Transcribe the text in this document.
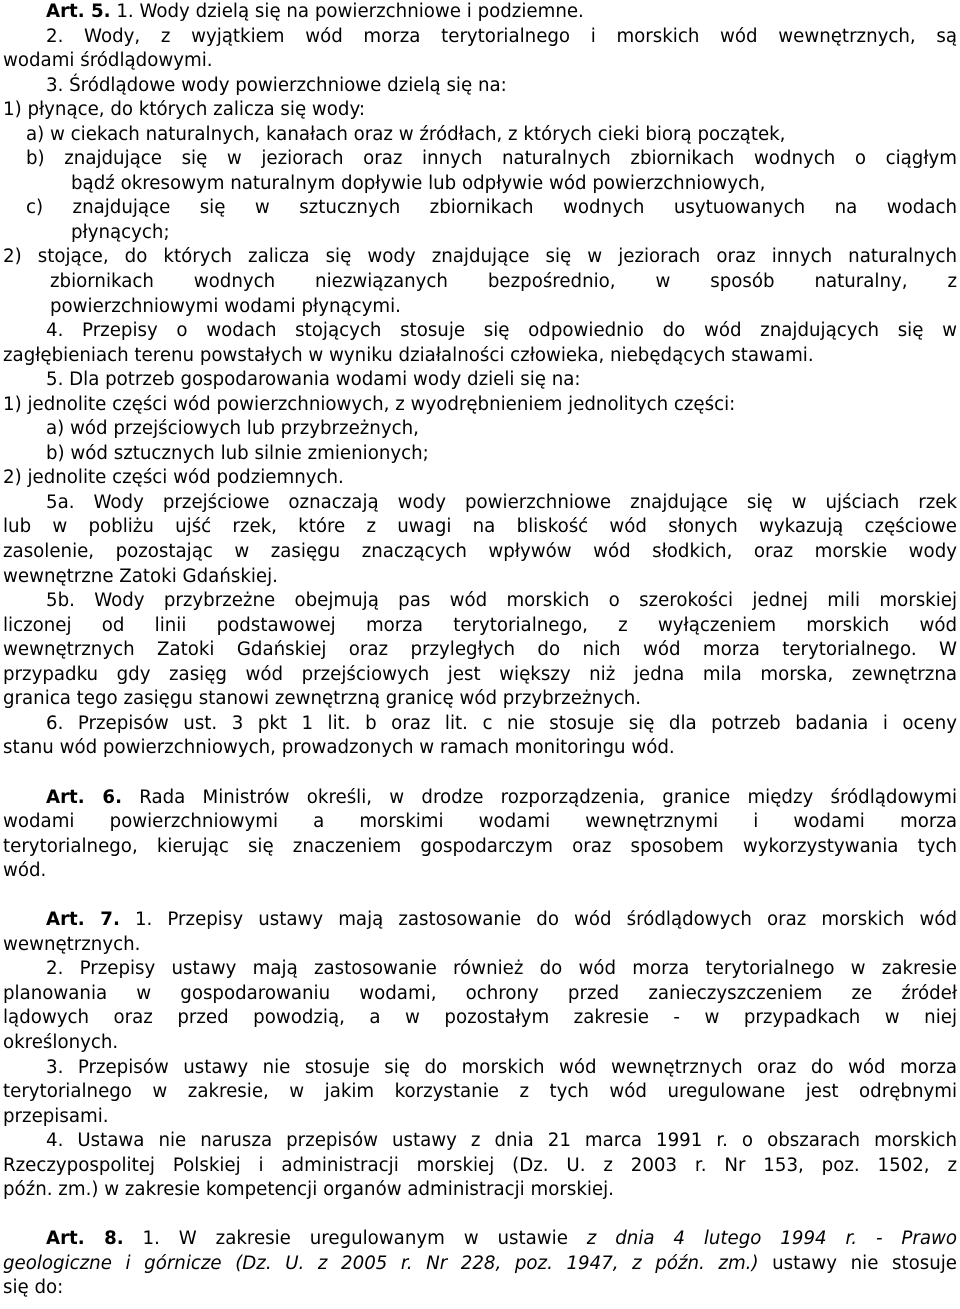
Art. 5. 1. Wody dzielą się na powierzchniowe i podziemne.
2. Wody, z wyjątkiem wód morza terytorialnego i morskich wód wewnętrznych, są
wodami śródlądowymi.
3. Śródlądowe wody powierzchniowe dzielą się na:
1) płynące, do których zalicza się wody:
a) w ciekach naturalnych, kanałach oraz w źródłach, z których cieki biorą początek,
b) znajdujące się w jeziorach oraz innych naturalnych zbiornikach wodnych o ciągłym
bądź okresowym naturalnym dopływie lub odpływie wód powierzchniowych,
c) znajdujące się w sztucznych zbiornikach wodnych usytuowanych na wodach
płynących;
2) stojące, do których zalicza się wody znajdujące się w jeziorach oraz innych naturalnych
zbiornikach wodnych niezwiązanych bezpośrednio, w sposób naturalny, z
powierzchniowymi wodami płynącymi.
4. Przepisy o wodach stojących stosuje się odpowiednio do wód znajdujących się w
zagłębieniach terenu powstałych w wyniku działalności człowieka, niebędących stawami.
5. Dla potrzeb gospodarowania wodami wody dzieli się na:
1) jednolite części wód powierzchniowych, z wyodrębnieniem jednolitych części:
a) wód przejściowych lub przybrzeżnych,
b) wód sztucznych lub silnie zmienionych;
2) jednolite części wód podziemnych.
5a. Wody przejściowe oznaczają wody powierzchniowe znajdujące się w ujściach rzek
lub w pobliżu ujść rzek, które z uwagi na bliskość wód słonych wykazują częściowe
zasolenie, pozostając w zasięgu znaczących wpływów wód słodkich, oraz morskie wody
wewnętrzne Zatoki Gdańskiej.
5b. Wody przybrzeżne obejmują pas wód morskich o szerokości jednej mili morskiej
liczonej od linii podstawowej morza terytorialnego, z wyłączeniem morskich wód
wewnętrznych Zatoki Gdańskiej oraz przyległych do nich wód morza terytorialnego. W
przypadku gdy zasięg wód przejściowych jest większy niż jedna mila morska, zewnętrzna
granica tego zasięgu stanowi zewnętrzną granicę wód przybrzeżnych.
6. Przepisów ust. 3 pkt 1 lit. b oraz lit. c nie stosuje się dla potrzeb badania i oceny
stanu wód powierzchniowych, prowadzonych w ramach monitoringu wód.
Art. 6. Rada Ministrów określi, w drodze rozporządzenia, granice między śródlądowymi
wodami powierzchniowymi a morskimi wodami wewnętrznymi i wodami morza
terytorialnego, kierując się znaczeniem gospodarczym oraz sposobem wykorzystywania tych
wód.
Art. 7. 1. Przepisy ustawy mają zastosowanie do wód śródlądowych oraz morskich wód
wewnętrznych.
2. Przepisy ustawy mają zastosowanie również do wód morza terytorialnego w zakresie
planowania w gospodarowaniu wodami, ochrony przed zanieczyszczeniem ze źródeł
lądowych oraz przed powodzią, a w pozostałym zakresie - w przypadkach w niej
określonych.
3. Przepisów ustawy nie stosuje się do morskich wód wewnętrznych oraz do wód morza
terytorialnego w zakresie, w jakim korzystanie z tych wód uregulowane jest odrębnymi
przepisami.
4. Ustawa nie narusza przepisów ustawy z dnia 21 marca 1991 r. o obszarach morskich
Rzeczypospolitej Polskiej i administracji morskiej (Dz. U. z 2003 r. Nr 153, poz. 1502, z
późn. zm.) w zakresie kompetencji organów administracji morskiej.
Art. 8. 1. W zakresie uregulowanym w ustawie z dnia 4 lutego 1994 r. - Prawo
geologiczne i górnicze (Dz. U. z 2005 r. Nr 228, poz. 1947, z późn. zm.) ustawy nie stosuje
się do:
